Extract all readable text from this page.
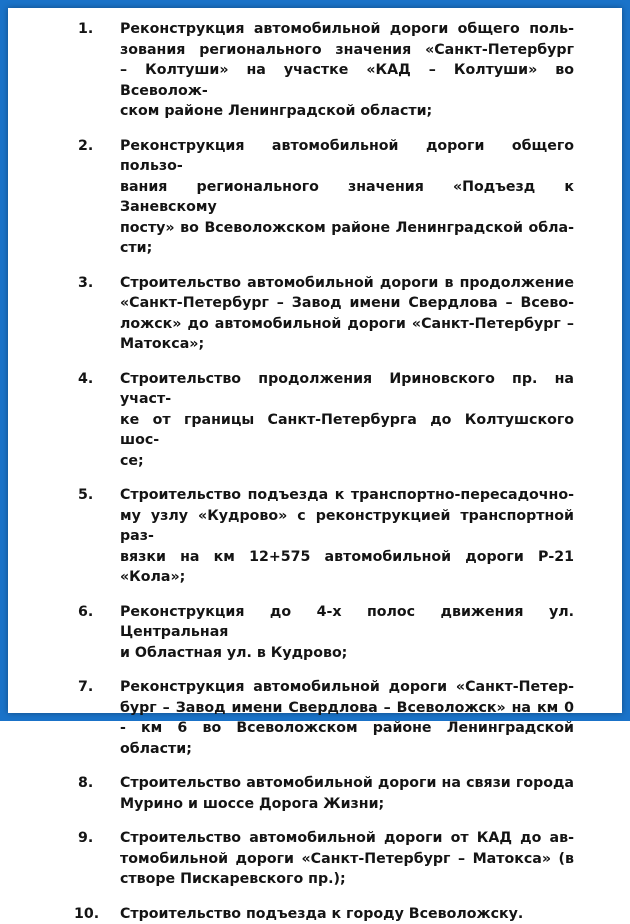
1. Реконструкция автомобильной дороги общего поль-
зования регионального значения «Санкт-Петербург
– Колтуши» на участке «КАД – Колтуши» во Всеволож-
ском районе Ленинградской области;
2. Реконструкция автомобильной дороги общего пользо-
вания регионального значения «Подъезд к Заневскому
посту» во Всеволожском районе Ленинградской обла-
сти;
3. Строительство автомобильной дороги в продолжение
«Санкт-Петербург – Завод имени Свердлова – Всево-
ложск» до автомобильной дороги «Санкт-Петербург –
Матокса»;
4. Строительство продолжения Ириновского пр. на участ-
ке от границы Санкт-Петербурга до Колтушского шос-
се;
5. Строительство подъезда к транспортно-пересадочно-
му узлу «Кудрово» с реконструкцией транспортной раз-
вязки на км 12+575 автомобильной дороги Р-21 «Кола»;
6. Реконструкция до 4-х полос движения ул. Центральная
и Областная ул. в Кудрово;
7. Реконструкция автомобильной дороги «Санкт-Петер-
бург – Завод имени Свердлова – Всеволожск» на км 0
- км 6 во Всеволожском районе Ленинградской области;
8. Строительство автомобильной дороги на связи города
Мурино и шоссе Дорога Жизни;
9. Строительство автомобильной дороги от КАД до ав-
томобильной дороги «Санкт-Петербург – Матокса» (в
створе Пискаревского пр.);
10. Строительство подъезда к городу Всеволожску.
